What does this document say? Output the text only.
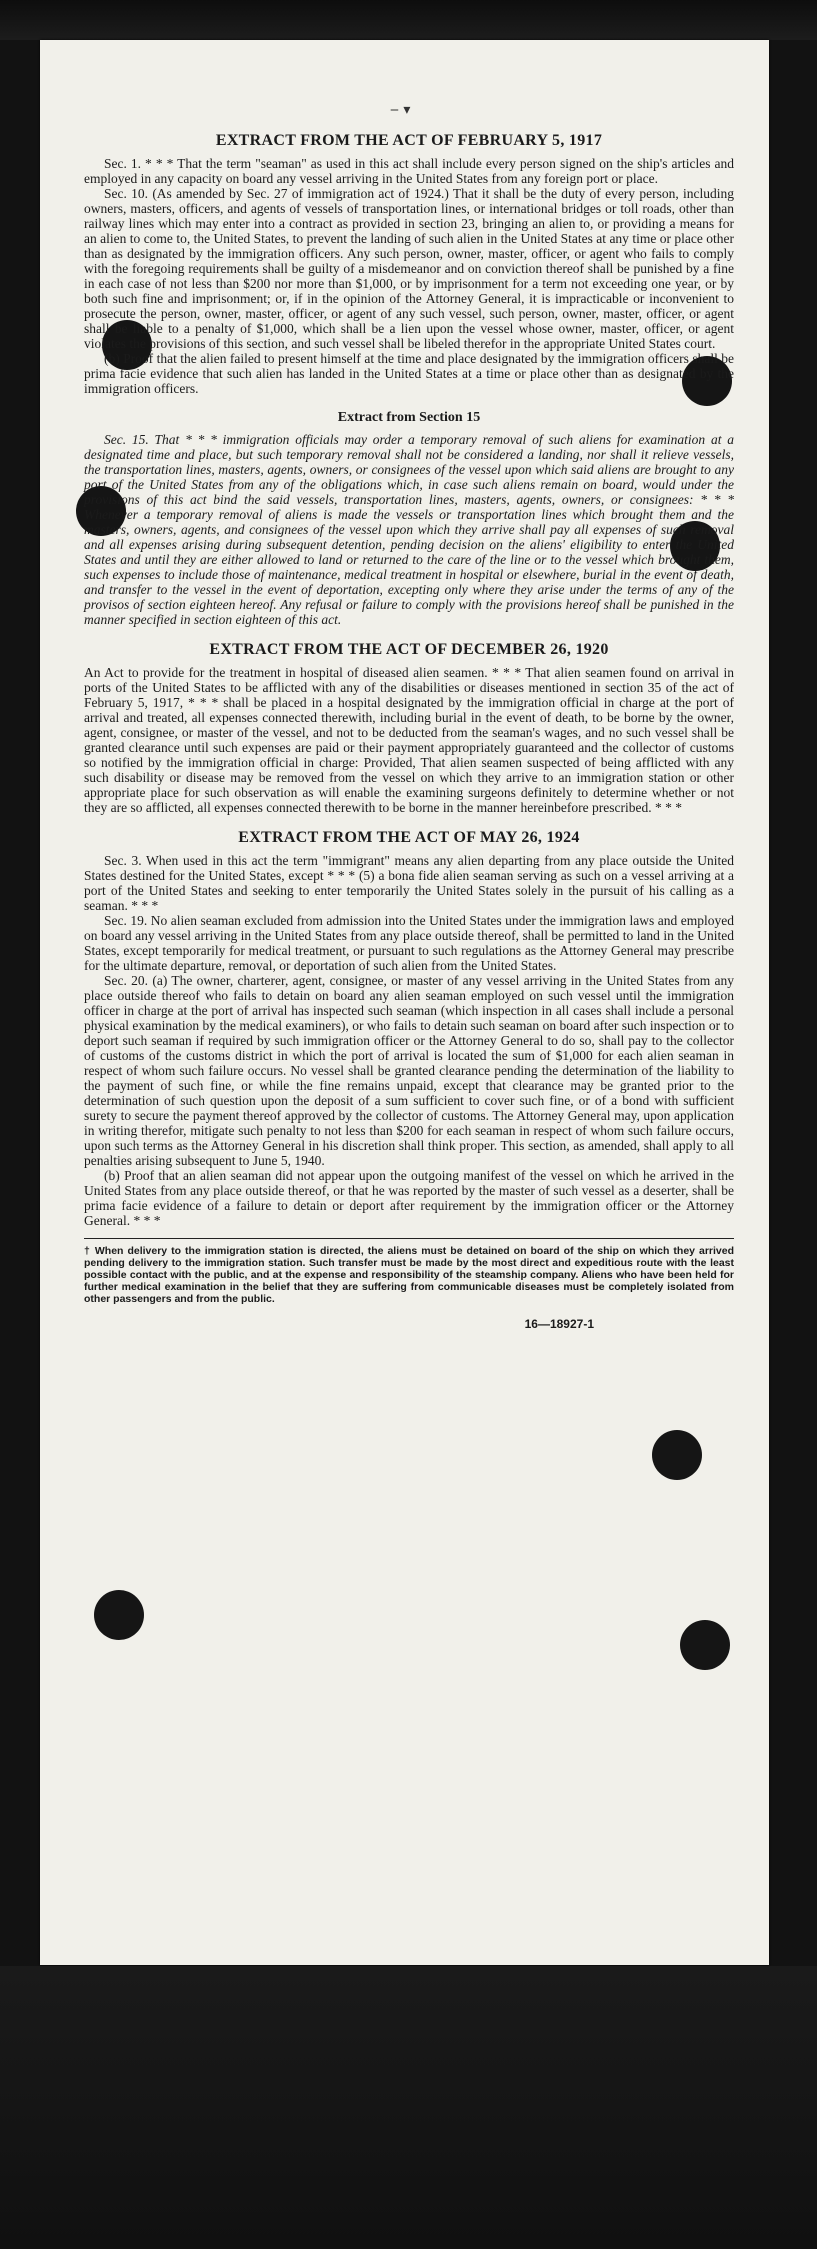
‒ ▾
EXTRACT FROM THE ACT OF FEBRUARY 5, 1917

Sec. 1. * * * That the term "seaman" as used in this act shall include every person signed on the ship's articles and employed in any capacity on board any vessel arriving in the United States from any foreign port or place.

Sec. 10. (As amended by Sec. 27 of immigration act of 1924.) That it shall be the duty of every person, including owners, masters, officers, and agents of vessels of transportation lines, or international bridges or toll roads, other than railway lines which may enter into a contract as provided in section 23, bringing an alien to, or providing a means for an alien to come to, the United States, to prevent the landing of such alien in the United States at any time or place other than as designated by the immigration officers. Any such person, owner, master, officer, or agent who fails to comply with the foregoing requirements shall be guilty of a misdemeanor and on conviction thereof shall be punished by a fine in each case of not less than $200 nor more than $1,000, or by imprisonment for a term not exceeding one year, or by both such fine and imprisonment; or, if in the opinion of the Attorney General, it is impracticable or inconvenient to prosecute the person, owner, master, officer, or agent of any such vessel, such person, owner, master, officer, or agent shall be liable to a penalty of $1,000, which shall be a lien upon the vessel whose owner, master, officer, or agent violates the provisions of this section, and such vessel shall be libeled therefor in the appropriate United States court.

(b) Proof that the alien failed to present himself at the time and place designated by the immigration officers shall be prima facie evidence that such alien has landed in the United States at a time or place other than as designated by the immigration officers.

Extract from Section 15

Sec. 15. That * * * immigration officials may order a temporary removal of such aliens for examination at a designated time and place, but such temporary removal shall not be considered a landing, nor shall it relieve vessels, the transportation lines, masters, agents, owners, or consignees of the vessel upon which said aliens are brought to any port of the United States from any of the obligations which, in case such aliens remain on board, would under the provisions of this act bind the said vessels, transportation lines, masters, agents, owners, or consignees: * * * Whenever a temporary removal of aliens is made the vessels or transportation lines which brought them and the masters, owners, agents, and consignees of the vessel upon which they arrive shall pay all expenses of such removal and all expenses arising during subsequent detention, pending decision on the aliens' eligibility to enter the United States and until they are either allowed to land or returned to the care of the line or to the vessel which brought them, such expenses to include those of maintenance, medical treatment in hospital or elsewhere, burial in the event of death, and transfer to the vessel in the event of deportation, excepting only where they arise under the terms of any of the provisos of section eighteen hereof. Any refusal or failure to comply with the provisions hereof shall be punished in the manner specified in section eighteen of this act.

EXTRACT FROM THE ACT OF DECEMBER 26, 1920

An Act to provide for the treatment in hospital of diseased alien seamen. * * * That alien seamen found on arrival in ports of the United States to be afflicted with any of the disabilities or diseases mentioned in section 35 of the act of February 5, 1917, * * * shall be placed in a hospital designated by the immigration official in charge at the port of arrival and treated, all expenses connected therewith, including burial in the event of death, to be borne by the owner, agent, consignee, or master of the vessel, and not to be deducted from the seaman's wages, and no such vessel shall be granted clearance until such expenses are paid or their payment appropriately guaranteed and the collector of customs so notified by the immigration official in charge: Provided, That alien seamen suspected of being afflicted with any such disability or disease may be removed from the vessel on which they arrive to an immigration station or other appropriate place for such observation as will enable the examining surgeons definitely to determine whether or not they are so afflicted, all expenses connected therewith to be borne in the manner hereinbefore prescribed. * * *

EXTRACT FROM THE ACT OF MAY 26, 1924

Sec. 3. When used in this act the term "immigrant" means any alien departing from any place outside the United States destined for the United States, except * * * (5) a bona fide alien seaman serving as such on a vessel arriving at a port of the United States and seeking to enter temporarily the United States solely in the pursuit of his calling as a seaman. * * *

Sec. 19. No alien seaman excluded from admission into the United States under the immigration laws and employed on board any vessel arriving in the United States from any place outside thereof, shall be permitted to land in the United States, except temporarily for medical treatment, or pursuant to such regulations as the Attorney General may prescribe for the ultimate departure, removal, or deportation of such alien from the United States.

Sec. 20. (a) The owner, charterer, agent, consignee, or master of any vessel arriving in the United States from any place outside thereof who fails to detain on board any alien seaman employed on such vessel until the immigration officer in charge at the port of arrival has inspected such seaman (which inspection in all cases shall include a personal physical examination by the medical examiners), or who fails to detain such seaman on board after such inspection or to deport such seaman if required by such immigration officer or the Attorney General to do so, shall pay to the collector of customs of the customs district in which the port of arrival is located the sum of $1,000 for each alien seaman in respect of whom such failure occurs. No vessel shall be granted clearance pending the determination of the liability to the payment of such fine, or while the fine remains unpaid, except that clearance may be granted prior to the determination of such question upon the deposit of a sum sufficient to cover such fine, or of a bond with sufficient surety to secure the payment thereof approved by the collector of customs. The Attorney General may, upon application in writing therefor, mitigate such penalty to not less than $200 for each seaman in respect of whom such failure occurs, upon such terms as the Attorney General in his discretion shall think proper. This section, as amended, shall apply to all penalties arising subsequent to June 5, 1940.

(b) Proof that an alien seaman did not appear upon the outgoing manifest of the vessel on which he arrived in the United States from any place outside thereof, or that he was reported by the master of such vessel as a deserter, shall be prima facie evidence of a failure to detain or deport after requirement by the immigration officer or the Attorney General. * * *

† When delivery to the immigration station is directed, the aliens must be detained on board of the ship on which they arrived pending delivery to the immigration station. Such transfer must be made by the most direct and expeditious route with the least possible contact with the public, and at the expense and responsibility of the steamship company. Aliens who have been held for further medical examination in the belief that they are suffering from communicable diseases must be completely isolated from other passengers and from the public.

16—18927-1
